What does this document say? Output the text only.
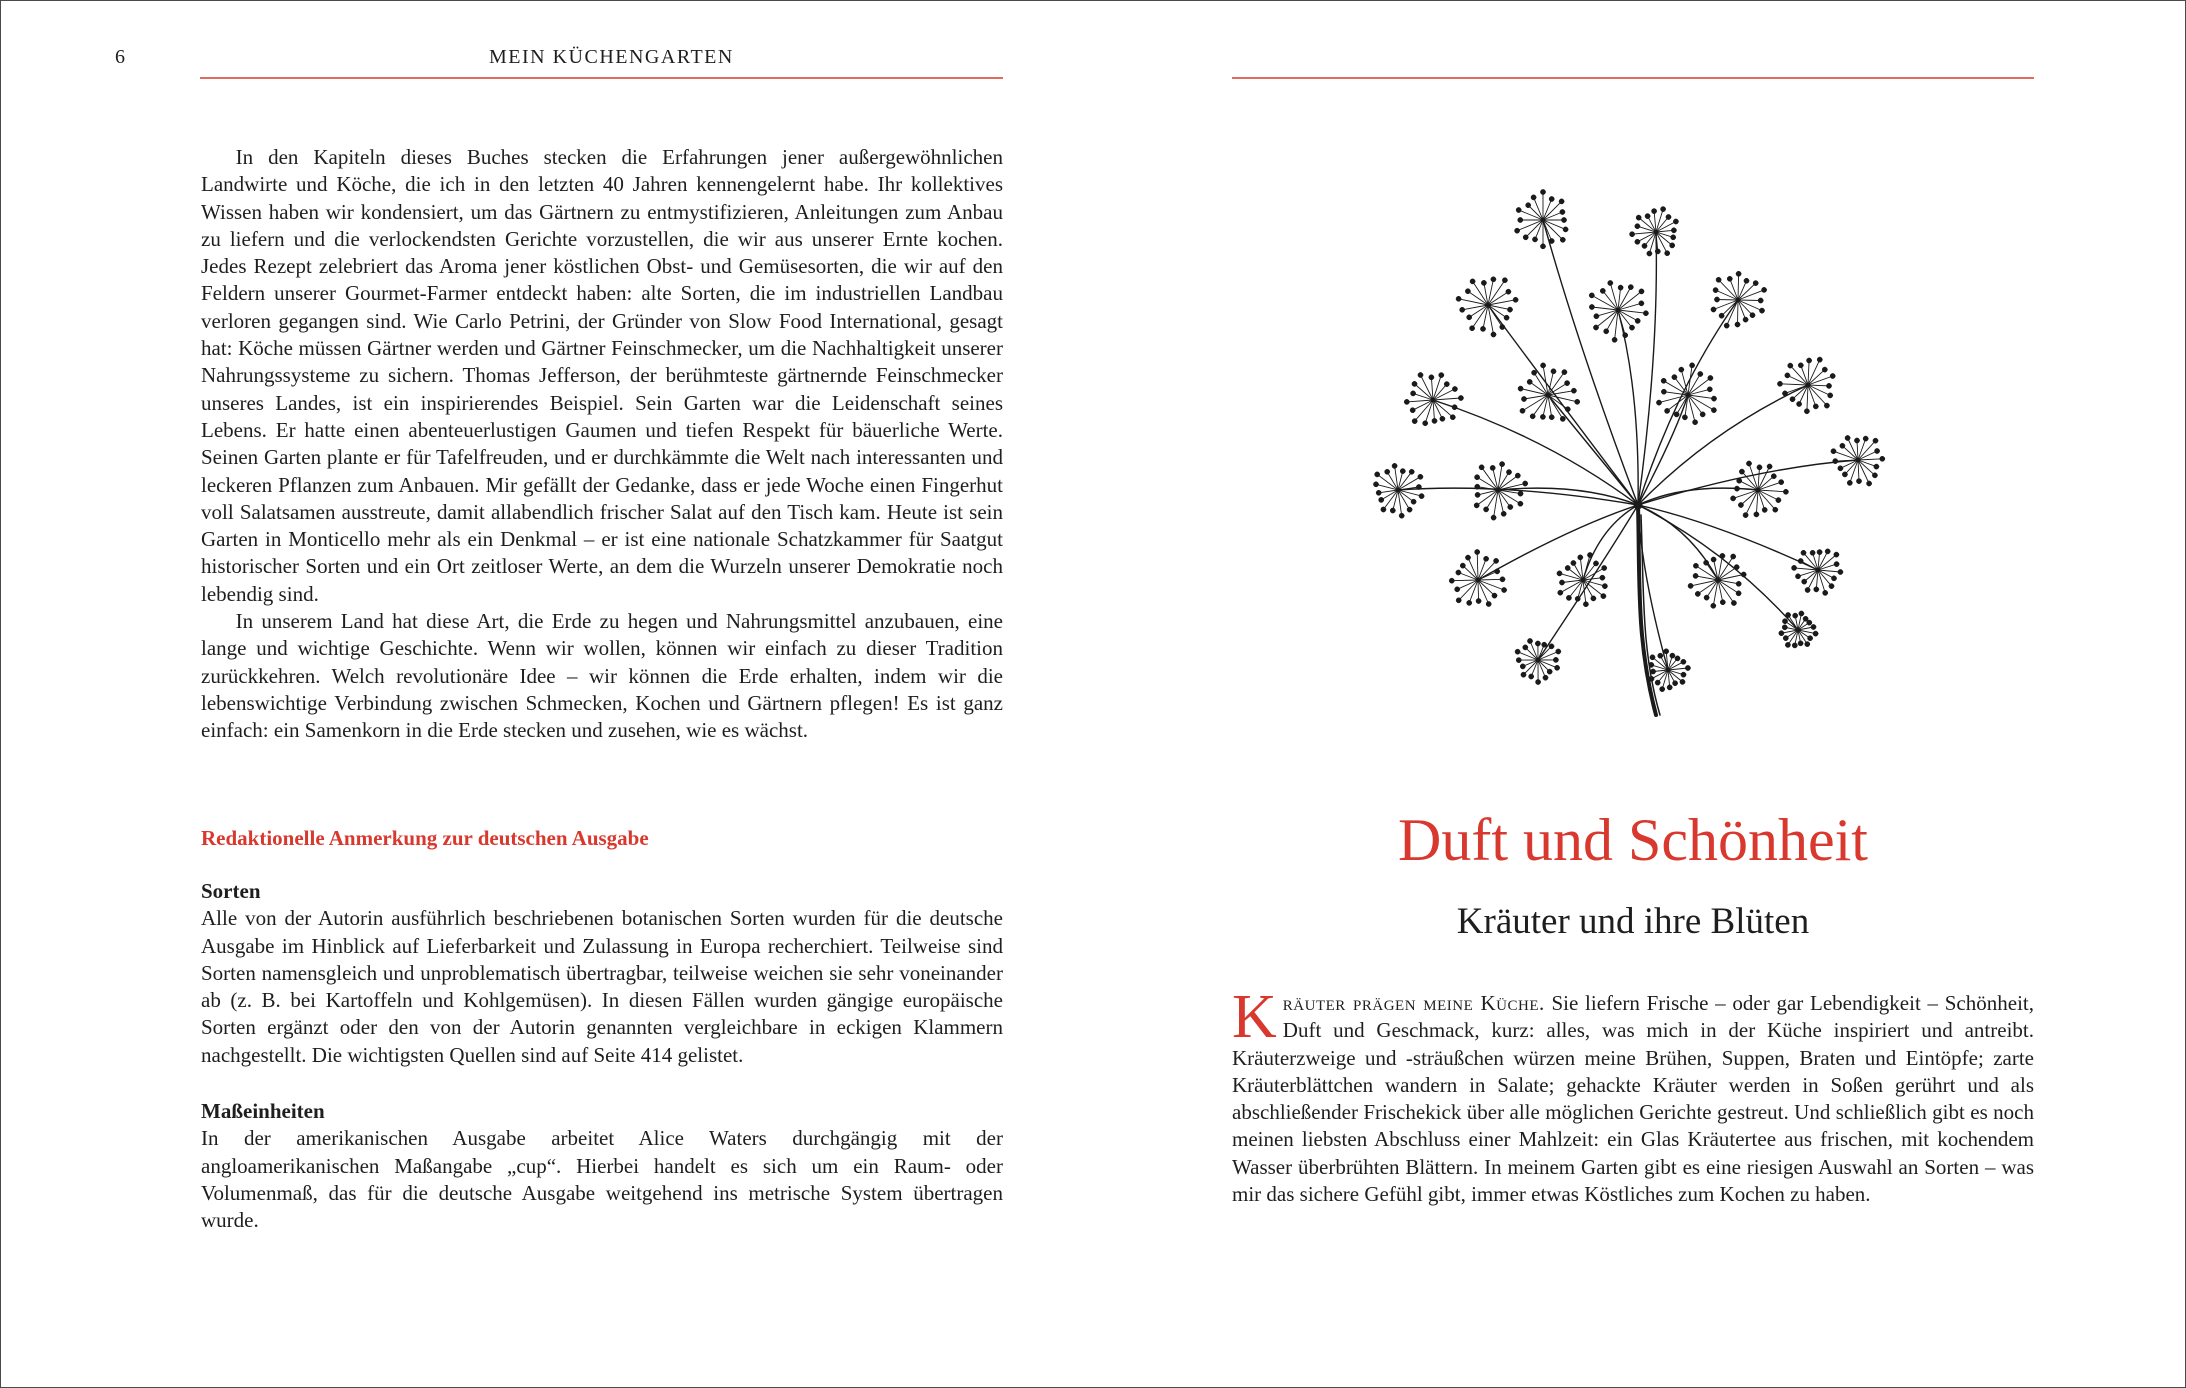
6	MEIN KÜCHENGARTEN

In den Kapiteln dieses Buches stecken die Erfahrungen jener außergewöhnlichen Landwirte und Köche, die ich in den letzten 40 Jahren kennengelernt habe. Ihr kollektives Wissen haben wir kondensiert, um das Gärtnern zu entmystifizieren, Anleitungen zum Anbau zu liefern und die verlockendsten Gerichte vorzustellen, die wir aus unserer Ernte kochen. Jedes Rezept zelebriert das Aroma jener köstlichen Obst- und Gemüsesorten, die wir auf den Feldern unserer Gourmet-Farmer entdeckt haben: alte Sorten, die im industriellen Landbau verloren gegangen sind. Wie Carlo Petrini, der Gründer von Slow Food International, gesagt hat: Köche müssen Gärtner werden und Gärtner Feinschmecker, um die Nachhaltigkeit unserer Nahrungssysteme zu sichern. Thomas Jefferson, der berühmteste gärtnernde Feinschmecker unseres Landes, ist ein inspirierendes Beispiel. Sein Garten war die Leidenschaft seines Lebens. Er hatte einen abenteuerlustigen Gaumen und tiefen Respekt für bäuerliche Werte. Seinen Garten plante er für Tafelfreuden, und er durchkämmte die Welt nach interessanten und leckeren Pflanzen zum Anbauen. Mir gefällt der Gedanke, dass er jede Woche einen Fingerhut voll Salatsamen ausstreute, damit allabendlich frischer Salat auf den Tisch kam. Heute ist sein Garten in Monticello mehr als ein Denkmal – er ist eine nationale Schatzkammer für Saatgut historischer Sorten und ein Ort zeitloser Werte, an dem die Wurzeln unserer Demokratie noch lebendig sind.

In unserem Land hat diese Art, die Erde zu hegen und Nahrungsmittel anzubauen, eine lange und wichtige Geschichte. Wenn wir wollen, können wir einfach zu dieser Tradition zurückkehren. Welch revolutionäre Idee – wir können die Erde erhalten, indem wir die lebenswichtige Verbindung zwischen Schmecken, Kochen und Gärtnern pflegen! Es ist ganz einfach: ein Samenkorn in die Erde stecken und zusehen, wie es wächst.

Redaktionelle Anmerkung zur deutschen Ausgabe
Sorten

Alle von der Autorin ausführlich beschriebenen botanischen Sorten wurden für die deutsche Ausgabe im Hinblick auf Lieferbarkeit und Zulassung in Europa recherchiert. Teilweise sind Sorten namensgleich und unproblematisch übertragbar, teilweise weichen sie sehr voneinander ab (z. B. bei Kartoffeln und Kohlgemüsen). In diesen Fällen wurden gängige europäische Sorten ergänzt oder den von der Autorin genannten vergleichbare in eckigen Klammern nachgestellt. Die wichtigsten Quellen sind auf Seite 414 gelistet.

Maßeinheiten

In der amerikanischen Ausgabe arbeitet Alice Waters durchgängig mit der angloamerikanischen Maßangabe „cup“. Hierbei handelt es sich um ein Raum- oder Volumenmaß, das für die deutsche Ausgabe weitgehend ins metrische System übertragen wurde.

Duft und Schönheit
Kräuter und ihre Blüten

Kräuter prägen meine Küche. Sie liefern Frische – oder gar Lebendigkeit – Schönheit, Duft und Geschmack, kurz: alles, was mich in der Küche inspiriert und antreibt. Kräuterzweige und -sträußchen würzen meine Brühen, Suppen, Braten und Eintöpfe; zarte Kräuterblättchen wandern in Salate; gehackte Kräuter werden in Soßen gerührt und als abschließender Frischekick über alle möglichen Gerichte gestreut. Und schließlich gibt es noch meinen liebsten Abschluss einer Mahlzeit: ein Glas Kräutertee aus frischen, mit kochendem Wasser überbrühten Blättern. In meinem Garten gibt es eine riesigen Auswahl an Sorten – was mir das sichere Gefühl gibt, immer etwas Köstliches zum Kochen zu haben.
